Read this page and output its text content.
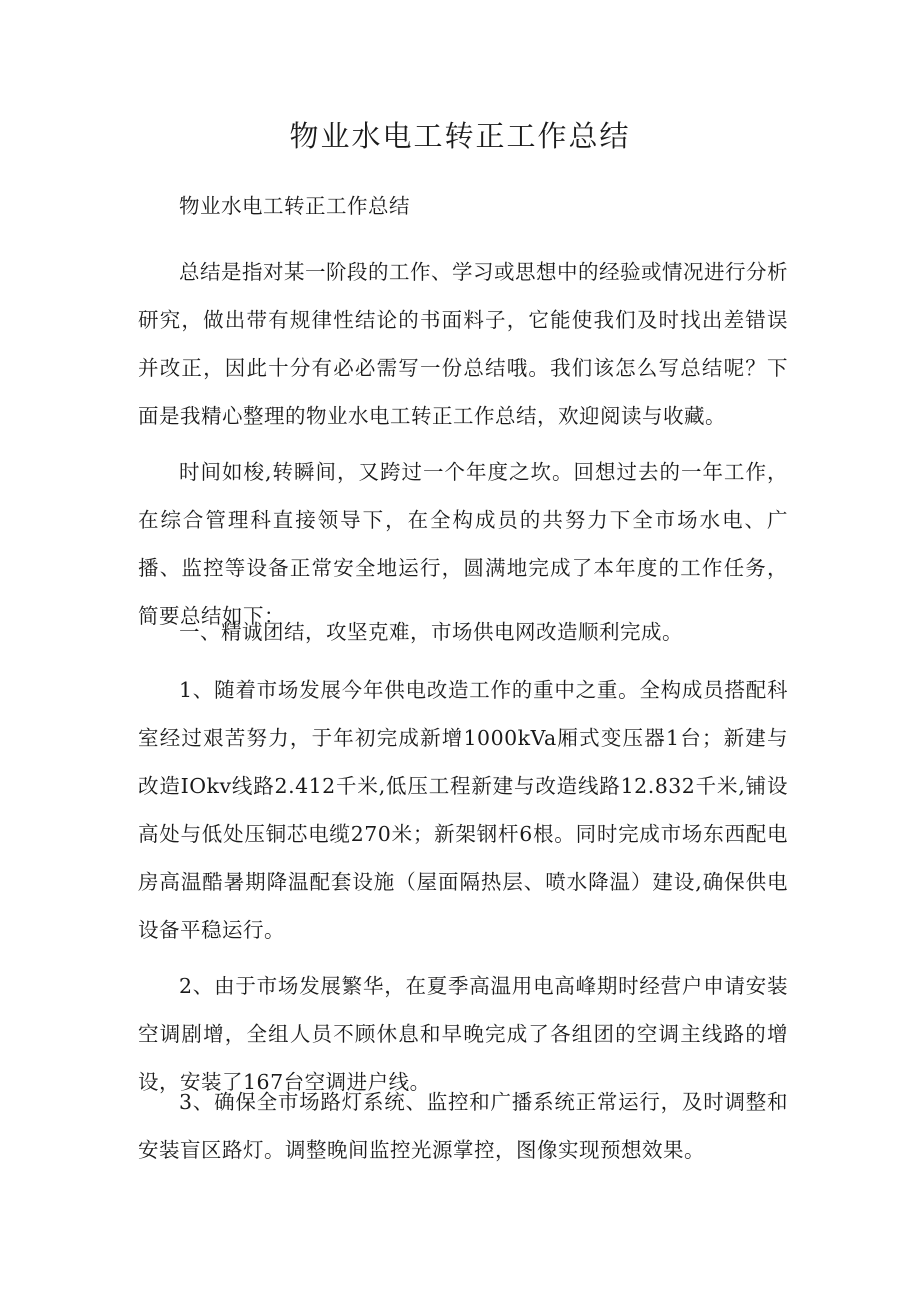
物业水电工转正工作总结

物业水电工转正工作总结

总结是指对某一阶段的工作、学习或思想中的经验或情况进行分析研究，做出带有规律性结论的书面料子，它能使我们及时找出差错误并改正，因此十分有必必需写一份总结哦。我们该怎么写总结呢？下面是我精心整理的物业水电工转正工作总结，欢迎阅读与收藏。

时间如梭,转瞬间，又跨过一个年度之坎。回想过去的一年工作，在综合管理科直接领导下，在全构成员的共努力下全市场水电、广播、监控等设备正常安全地运行，圆满地完成了本年度的工作任务，简要总结如下：

一、精诚团结，攻坚克难，市场供电网改造顺利完成。

1、随着市场发展今年供电改造工作的重中之重。全构成员搭配科室经过艰苦努力，于年初完成新增1000kVa厢式变压器1台；新建与改造IOkv线路2.412千米,低压工程新建与改造线路12.832千米,铺设高处与低处压铜芯电缆270米；新架钢杆6根。同时完成市场东西配电房高温酷暑期降温配套设施（屋面隔热层、喷水降温）建设,确保供电设备平稳运行。

2、由于市场发展繁华，在夏季高温用电高峰期时经营户申请安装空调剧增，全组人员不顾休息和早晚完成了各组团的空调主线路的增设，安装了167台空调进户线。

3、确保全市场路灯系统、监控和广播系统正常运行，及时调整和安装盲区路灯。调整晚间监控光源掌控，图像实现预想效果。
